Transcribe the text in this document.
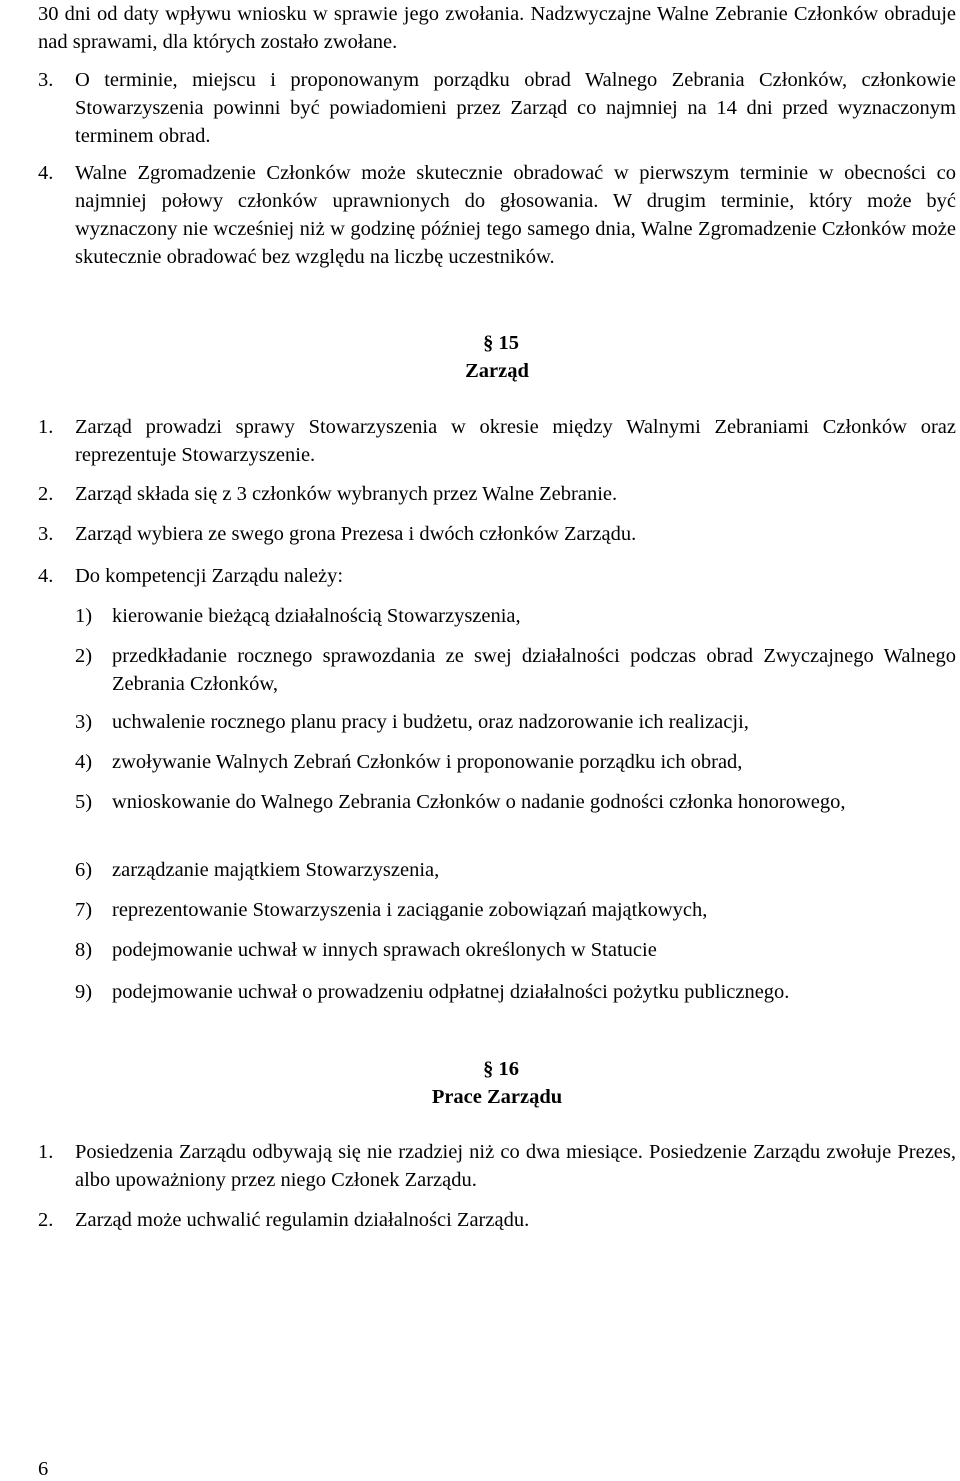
30 dni od daty wpływu wniosku w sprawie jego zwołania. Nadzwyczajne Walne Zebranie Członków obraduje nad sprawami, dla których zostało zwołane.
3. O terminie, miejscu i proponowanym porządku obrad Walnego Zebrania Członków, członkowie Stowarzyszenia powinni być powiadomieni przez Zarząd co najmniej na 14 dni przed wyznaczonym terminem obrad.
4. Walne Zgromadzenie Członków może skutecznie obradować w pierwszym terminie w obecności co najmniej połowy członków uprawnionych do głosowania. W drugim terminie, który może być wyznaczony nie wcześniej niż w godzinę później tego samego dnia, Walne Zgromadzenie Członków może skutecznie obradować bez względu na liczbę uczestników.
§ 15
Zarząd
1. Zarząd prowadzi sprawy Stowarzyszenia w okresie między Walnymi Zebraniami Członków oraz reprezentuje Stowarzyszenie.
2. Zarząd składa się z 3 członków wybranych przez Walne Zebranie.
3. Zarząd wybiera ze swego grona Prezesa i dwóch członków Zarządu.
4. Do kompetencji Zarządu należy:
1) kierowanie bieżącą działalnością Stowarzyszenia,
2) przedkładanie rocznego sprawozdania ze swej działalności podczas obrad Zwyczajnego Walnego Zebrania Członków,
3) uchwalenie rocznego planu pracy i budżetu, oraz nadzorowanie ich realizacji,
4) zwoływanie Walnych Zebrań Członków i proponowanie porządku ich obrad,
5) wnioskowanie do Walnego Zebrania Członków o nadanie godności członka honorowego,
6) zarządzanie majątkiem Stowarzyszenia,
7) reprezentowanie Stowarzyszenia i zaciąganie zobowiązań majątkowych,
8) podejmowanie uchwał w innych sprawach określonych w Statucie
9) podejmowanie uchwał o prowadzeniu odpłatnej działalności pożytku publicznego.
§ 16
Prace Zarządu
1. Posiedzenia Zarządu odbywają się nie rzadziej niż co dwa miesiące. Posiedzenie Zarządu zwołuje Prezes, albo upoważniony przez niego Członek Zarządu.
2. Zarząd może uchwalić regulamin działalności Zarządu.
6
